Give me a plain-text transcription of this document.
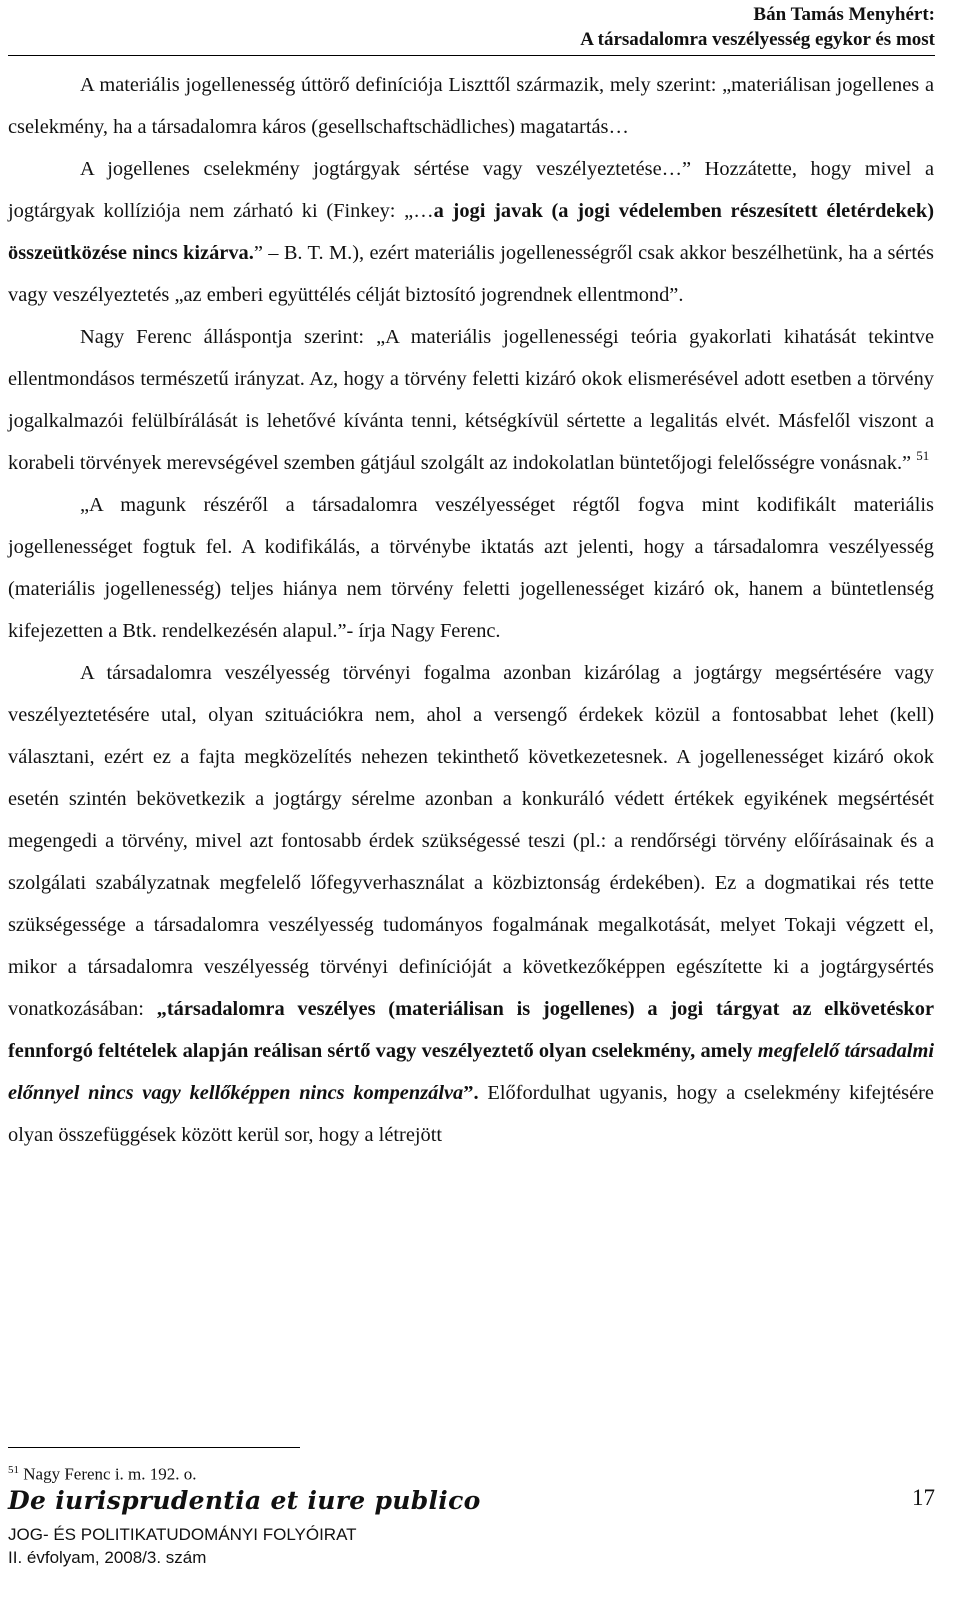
Bán Tamás Menyhért:
A társadalomra veszélyesség egykor és most

A materiális jogellenesség úttörő definíciója Liszttől származik, mely szerint: „materiálisan jogellenes a cselekmény, ha a társadalomra káros (gesellschaftschädliches) magatartás…

A jogellenes cselekmény jogtárgyak sértése vagy veszélyeztetése…” Hozzátette, hogy mivel a jogtárgyak kollíziója nem zárható ki (Finkey: „…a jogi javak (a jogi védelemben részesített életérdekek) összeütközése nincs kizárva.” – B. T. M.), ezért materiális jogellenességről csak akkor beszélhetünk, ha a sértés vagy veszélyeztetés „az emberi együttélés célját biztosító jogrendnek ellentmond”.

Nagy Ferenc álláspontja szerint: „A materiális jogellenességi teória gyakorlati kihatását tekintve ellentmondásos természetű irányzat. Az, hogy a törvény feletti kizáró okok elismerésével adott esetben a törvény jogalkalmazói felülbírálását is lehetővé kívánta tenni, kétségkívül sértette a legalitás elvét. Másfelől viszont a korabeli törvények merevségével szemben gátjául szolgált az indokolatlan büntetőjogi felelősségre vonásnak.” $^{51}$

„A magunk részéről a társadalomra veszélyességet régtől fogva mint kodifikált materiális jogellenességet fogtuk fel. A kodifikálás, a törvénybe iktatás azt jelenti, hogy a társadalomra veszélyesség (materiális jogellenesség) teljes hiánya nem törvény feletti jogellenességet kizáró ok, hanem a büntetlenség kifejezetten a Btk. rendelkezésén alapul.”- írja Nagy Ferenc.

A társadalomra veszélyesség törvényi fogalma azonban kizárólag a jogtárgy megsértésére vagy veszélyeztetésére utal, olyan szituációkra nem, ahol a versengő érdekek közül a fontosabbat lehet (kell) választani, ezért ez a fajta megközelítés nehezen tekinthető következetesnek. A jogellenességet kizáró okok esetén szintén bekövetkezik a jogtárgy sérelme azonban a konkuráló védett értékek egyikének megsértését megengedi a törvény, mivel azt fontosabb érdek szükségessé teszi (pl.: a rendőrségi törvény előírásainak és a szolgálati szabályzatnak megfelelő lőfegyverhasználat a közbiztonság érdekében). Ez a dogmatikai rés tette szükségessége a társadalomra veszélyesség tudományos fogalmának megalkotását, melyet Tokaji végzett el, mikor a társadalomra veszélyesség törvényi definícióját a következőképpen egészítette ki a jogtárgysértés vonatkozásában: „társadalomra veszélyes (materiálisan is jogellenes) a jogi tárgyat az elkövetéskor fennforgó feltételek alapján reálisan sértő vagy veszélyeztető olyan cselekmény, amely megfelelő társadalmi előnnyel nincs vagy kellőképpen nincs kompenzálva”. Előfordulhat ugyanis, hogy a cselekmény kifejtésére olyan összefüggések között kerül sor, hogy a létrejött

$^{51}$ Nagy Ferenc i. m. 192. o.
De iurisprudentia et iure publico	17
JOG- ÉS POLITIKATUDOMÁNYI FOLYÓIRAT
II. évfolyam, 2008/3. szám
